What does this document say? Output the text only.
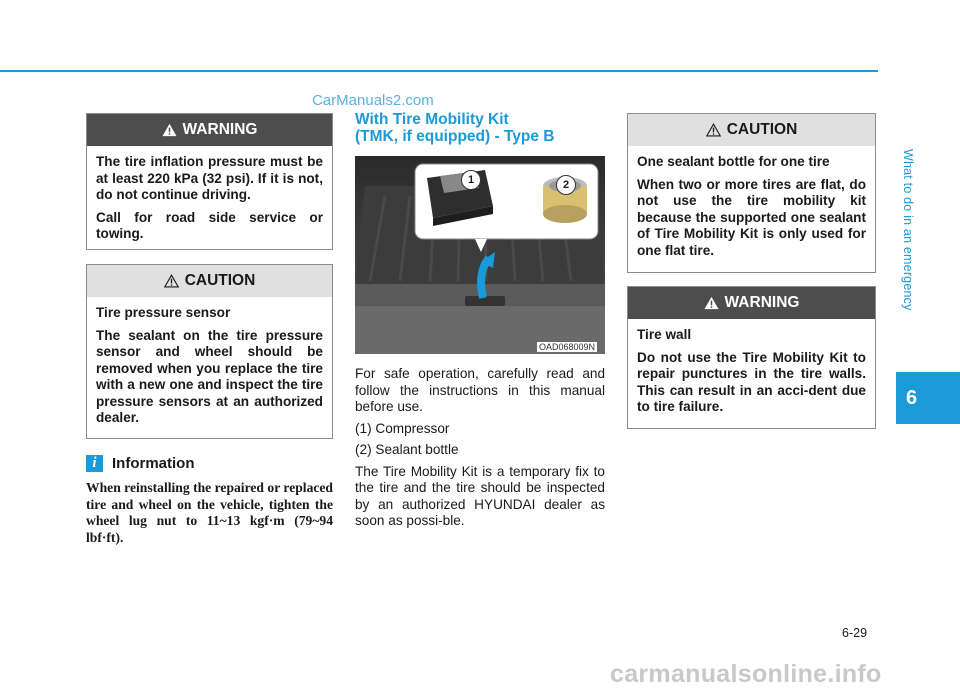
CarManuals2.com
What to do in an emergency
6
WARNING

The tire inflation pressure must be at least 220 kPa (32 psi). If it is not, do not continue driving.

Call for road side service or towing.

CAUTION

Tire pressure sensor

The sealant on the tire pressure sensor and wheel should be removed when you replace the tire with a new one and inspect the tire pressure sensors at an authorized dealer.

i	Information
When reinstalling the repaired or replaced tire and wheel on the vehicle, tighten the wheel lug nut to 11~13 kgf·m (79~94 lbf·ft).
With Tire Mobility Kit
(TMK, if equipped) - Type B
1	2
OAD068009N

For safe operation, carefully read and follow the instructions in this manual before use.

(1) Compressor

(2) Sealant bottle

The Tire Mobility Kit is a temporary fix to the tire and the tire should be inspected by an authorized HYUNDAI dealer as soon as possi-ble.

CAUTION

One sealant bottle for one tire

When two or more tires are flat, do not use the tire mobility kit because the supported one sealant of Tire Mobility Kit is only used for one flat tire.

WARNING

Tire wall

Do not use the Tire Mobility Kit to repair punctures in the tire walls. This can result in an acci-dent due to tire failure.

6-29
carmanualsonline.info
